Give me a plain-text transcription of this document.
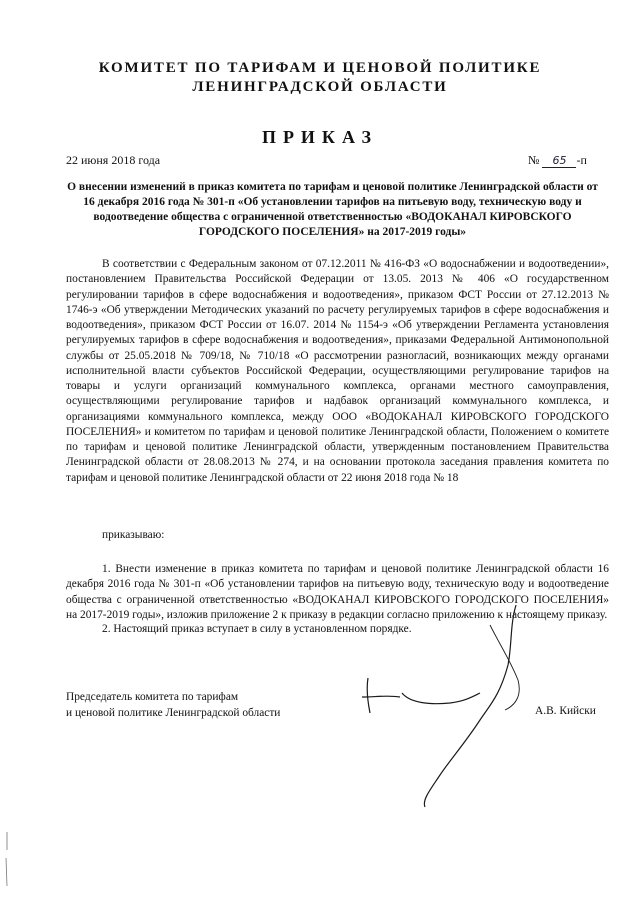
КОМИТЕТ ПО ТАРИФАМ И ЦЕНОВОЙ ПОЛИТИКЕ
ЛЕНИНГРАДСКОЙ ОБЛАСТИ
ПРИКАЗ
22 июня 2018 года	№ 65 -п
О внесении изменений в приказ комитета по тарифам и ценовой политике Ленинградской области от 16 декабря 2016 года № 301-п «Об установлении тарифов на питьевую воду, техническую воду и водоотведение общества с ограниченной ответственностью «ВОДОКАНАЛ КИРОВСКОГО ГОРОДСКОГО ПОСЕЛЕНИЯ» на 2017-2019 годы»
В соответствии с Федеральным законом от 07.12.2011 № 416-ФЗ «О водоснабжении и водоотведении», постановлением Правительства Российской Федерации от 13.05. 2013 № 406 «О государственном регулировании тарифов в сфере водоснабжения и водоотведения», приказом ФСТ России от 27.12.2013 № 1746-э «Об утверждении Методических указаний по расчету регулируемых тарифов в сфере водоснабжения и водоотведения», приказом ФСТ России от 16.07. 2014 № 1154-э «Об утверждении Регламента установления регулируемых тарифов в сфере водоснабжения и водоотведения», приказами Федеральной Антимонопольной службы от 25.05.2018 № 709/18, № 710/18 «О рассмотрении разногласий, возникающих между органами исполнительной власти субъектов Российской Федерации, осуществляющими регулирование тарифов на товары и услуги организаций коммунального комплекса, органами местного самоуправления, осуществляющими регулирование тарифов и надбавок организаций коммунального комплекса, и организациями коммунального комплекса, между ООО «ВОДОКАНАЛ КИРОВСКОГО ГОРОДСКОГО ПОСЕЛЕНИЯ» и комитетом по тарифам и ценовой политике Ленинградской области, Положением о комитете по тарифам и ценовой политике Ленинградской области, утвержденным постановлением Правительства Ленинградской области от 28.08.2013 № 274, и на основании протокола заседания правления комитета по тарифам и ценовой политике Ленинградской области от 22 июня 2018 года № 18
приказываю:
1. Внести изменение в приказ комитета по тарифам и ценовой политике Ленинградской области 16 декабря 2016 года № 301-п «Об установлении тарифов на питьевую воду, техническую воду и водоотведение общества с ограниченной ответственностью «ВОДОКАНАЛ КИРОВСКОГО ГОРОДСКОГО ПОСЕЛЕНИЯ» на 2017-2019 годы», изложив приложение 2 к приказу в редакции согласно приложению к настоящему приказу.
2. Настоящий приказ вступает в силу в установленном порядке.
Председатель комитета по тарифам
и ценовой политике Ленинградской области	А.В. Кийски
